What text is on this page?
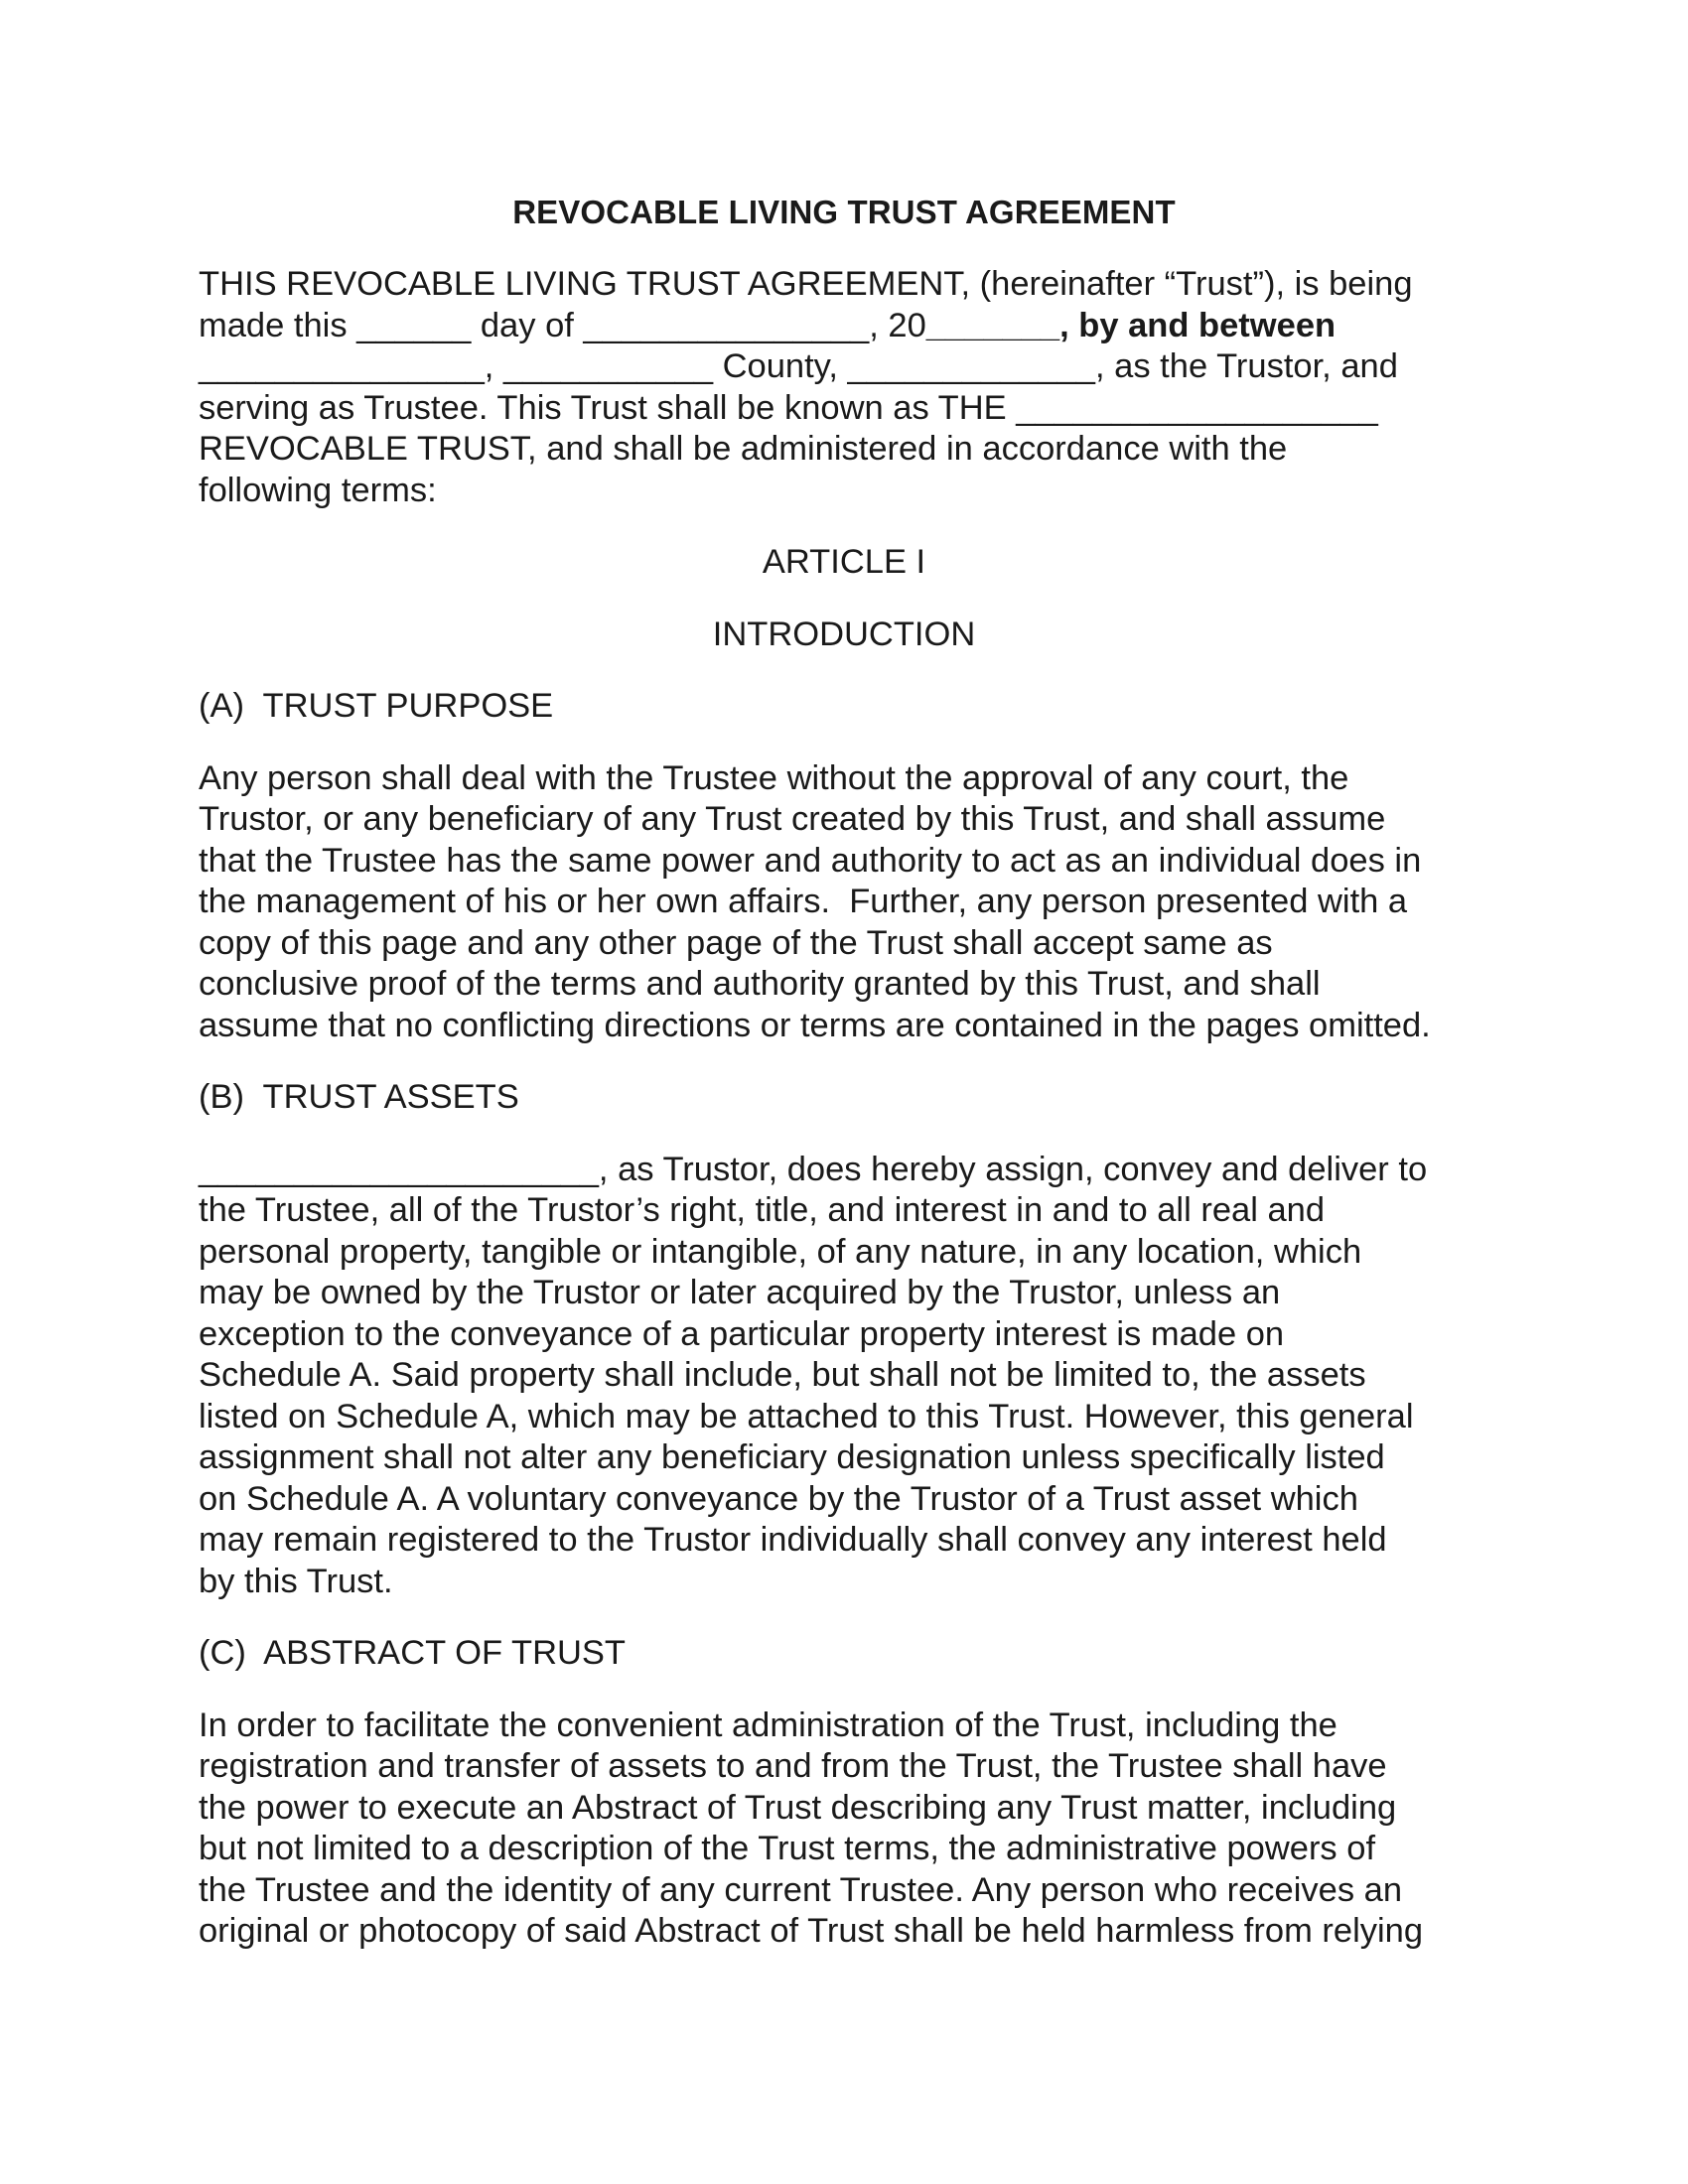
REVOCABLE LIVING TRUST AGREEMENT
THIS REVOCABLE LIVING TRUST AGREEMENT, (hereinafter “Trust”), is being
made this ______ day of _______________, 20_______, by and between
_______________, ___________ County, _____________, as the Trustor, and
serving as Trustee. This Trust shall be known as THE ___________________
REVOCABLE TRUST, and shall be administered in accordance with the
following terms:
ARTICLE I
INTRODUCTION
(A)  TRUST PURPOSE
Any person shall deal with the Trustee without the approval of any court, the
Trustor, or any beneficiary of any Trust created by this Trust, and shall assume
that the Trustee has the same power and authority to act as an individual does in
the management of his or her own affairs.  Further, any person presented with a
copy of this page and any other page of the Trust shall accept same as
conclusive proof of the terms and authority granted by this Trust, and shall
assume that no conflicting directions or terms are contained in the pages omitted.
(B)  TRUST ASSETS
_____________________, as Trustor, does hereby assign, convey and deliver to
the Trustee, all of the Trustor’s right, title, and interest in and to all real and
personal property, tangible or intangible, of any nature, in any location, which
may be owned by the Trustor or later acquired by the Trustor, unless an
exception to the conveyance of a particular property interest is made on
Schedule A. Said property shall include, but shall not be limited to, the assets
listed on Schedule A, which may be attached to this Trust. However, this general
assignment shall not alter any beneficiary designation unless specifically listed
on Schedule A. A voluntary conveyance by the Trustor of a Trust asset which
may remain registered to the Trustor individually shall convey any interest held
by this Trust.
(C)  ABSTRACT OF TRUST
In order to facilitate the convenient administration of the Trust, including the
registration and transfer of assets to and from the Trust, the Trustee shall have
the power to execute an Abstract of Trust describing any Trust matter, including
but not limited to a description of the Trust terms, the administrative powers of
the Trustee and the identity of any current Trustee. Any person who receives an
original or photocopy of said Abstract of Trust shall be held harmless from relying
